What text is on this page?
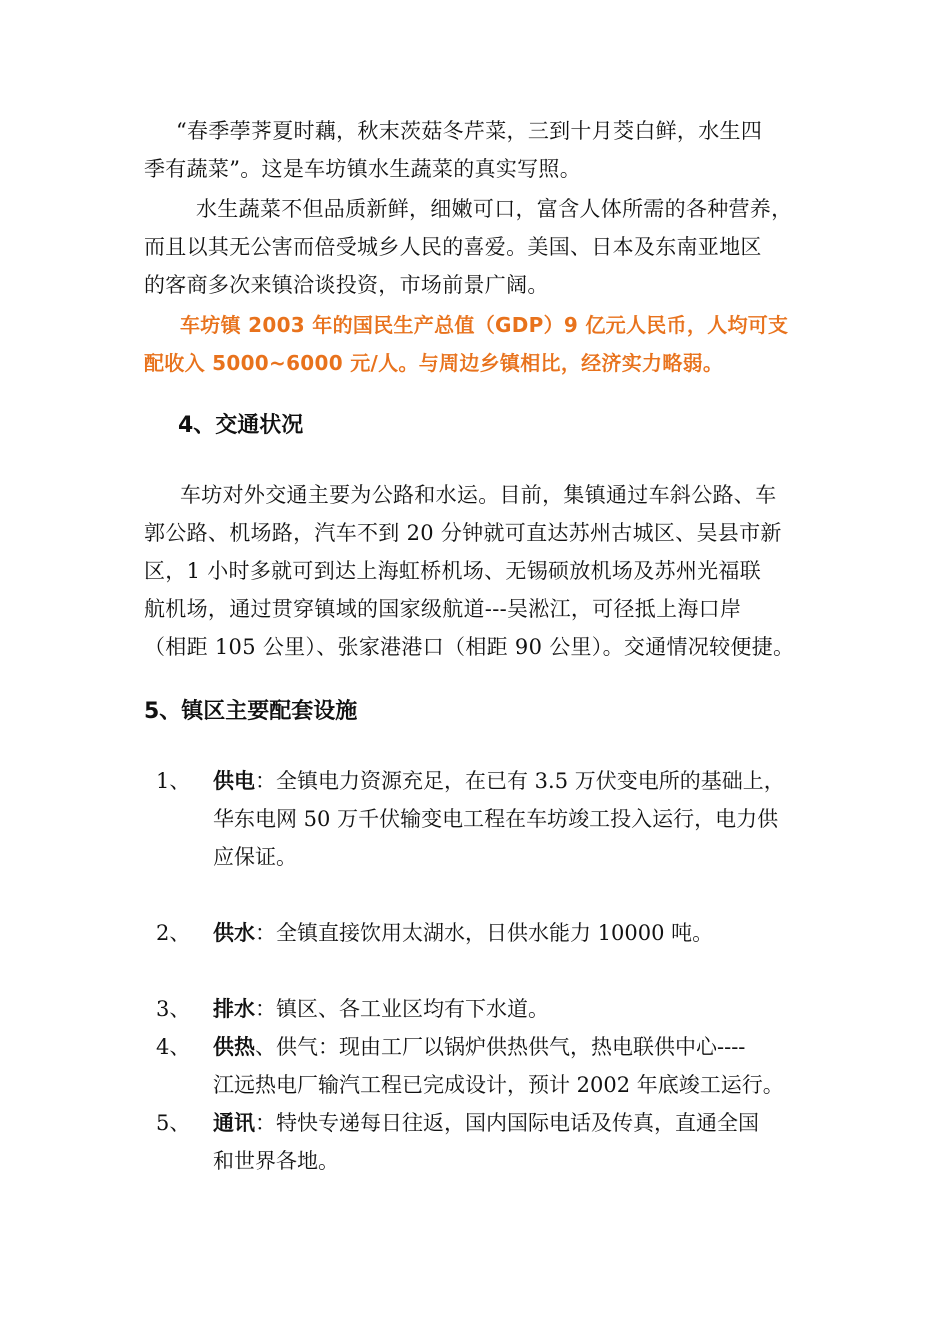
“春季荸荠夏时藕，秋末茨菇冬芹菜，三到十月茭白鲜，水生四
季有蔬菜”。这是车坊镇水生蔬菜的真实写照。

水生蔬菜不但品质新鲜，细嫩可口，富含人体所需的各种营养，
而且以其无公害而倍受城乡人民的喜爱。美国、日本及东南亚地区
的客商多次来镇洽谈投资，市场前景广阔。

车坊镇 2003 年的国民生产总值（GDP）9 亿元人民币，人均可支
配收入 5000~6000 元/人。与周边乡镇相比，经济实力略弱。

4、交通状况

车坊对外交通主要为公路和水运。目前，集镇通过车斜公路、车
郭公路、机场路，汽车不到 20 分钟就可直达苏州古城区、吴县市新
区，1 小时多就可到达上海虹桥机场、无锡硕放机场及苏州光福联
航机场，通过贯穿镇域的国家级航道---吴淞江，可径抵上海口岸
（相距 105 公里）、张家港港口（相距 90 公里）。交通情况较便捷。

5、镇区主要配套设施
1、	供电：全镇电力资源充足，在已有 3.5 万伏变电所的基础上，
华东电网 50 万千伏输变电工程在车坊竣工投入运行，电力供
应保证。
2、	供水：全镇直接饮用太湖水，日供水能力 10000 吨。
3、	排水：镇区、各工业区均有下水道。
4、	供热、供气：现由工厂以锅炉供热供气，热电联供中心----
江远热电厂输汽工程已完成设计，预计 2002 年底竣工运行。
5、	通讯：特快专递每日往返，国内国际电话及传真，直通全国
和世界各地。
